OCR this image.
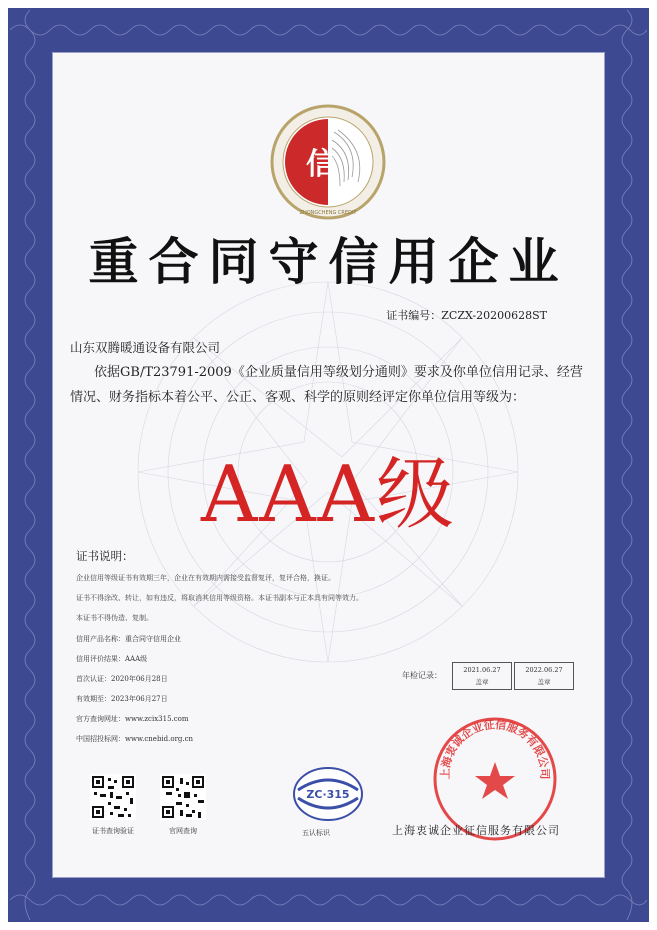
信
ZHONGCHENG CREDIT
重合同守信用企业
证书编号：ZCZX-20200628ST
山东双腾暖通设备有限公司
依据GB/T23791-2009《企业质量信用等级划分通则》要求及你单位信用记录、经营情况、财务指标本着公平、公正、客观、科学的原则经评定你单位信用等级为：
AAA级
证书说明：
企业信用等级证书有效期三年，企业在有效期内需接受监督复评，复评合格，换证。
证书不得涂改、转让，如有违反，将取消其信用等级资格。本证书副本与正本具有同等效力。
本证书不得伪造、复制。
信用产品名称：重合同守信用企业
信用评价结果：AAA级
首次认证：2020年06月28日
有效期至：2023年06月27日
官方查询网址：www.zcix315.com
中国招投标网：www.cnebid.org.cn
年检记录：
2021.06.27
盖章
2022.06.27
盖章
证书查询验证	官网查询
ZC·315
五认标识
上海衷诚企业征信服务有限公司
上海衷诚企业征信服务有限公司
